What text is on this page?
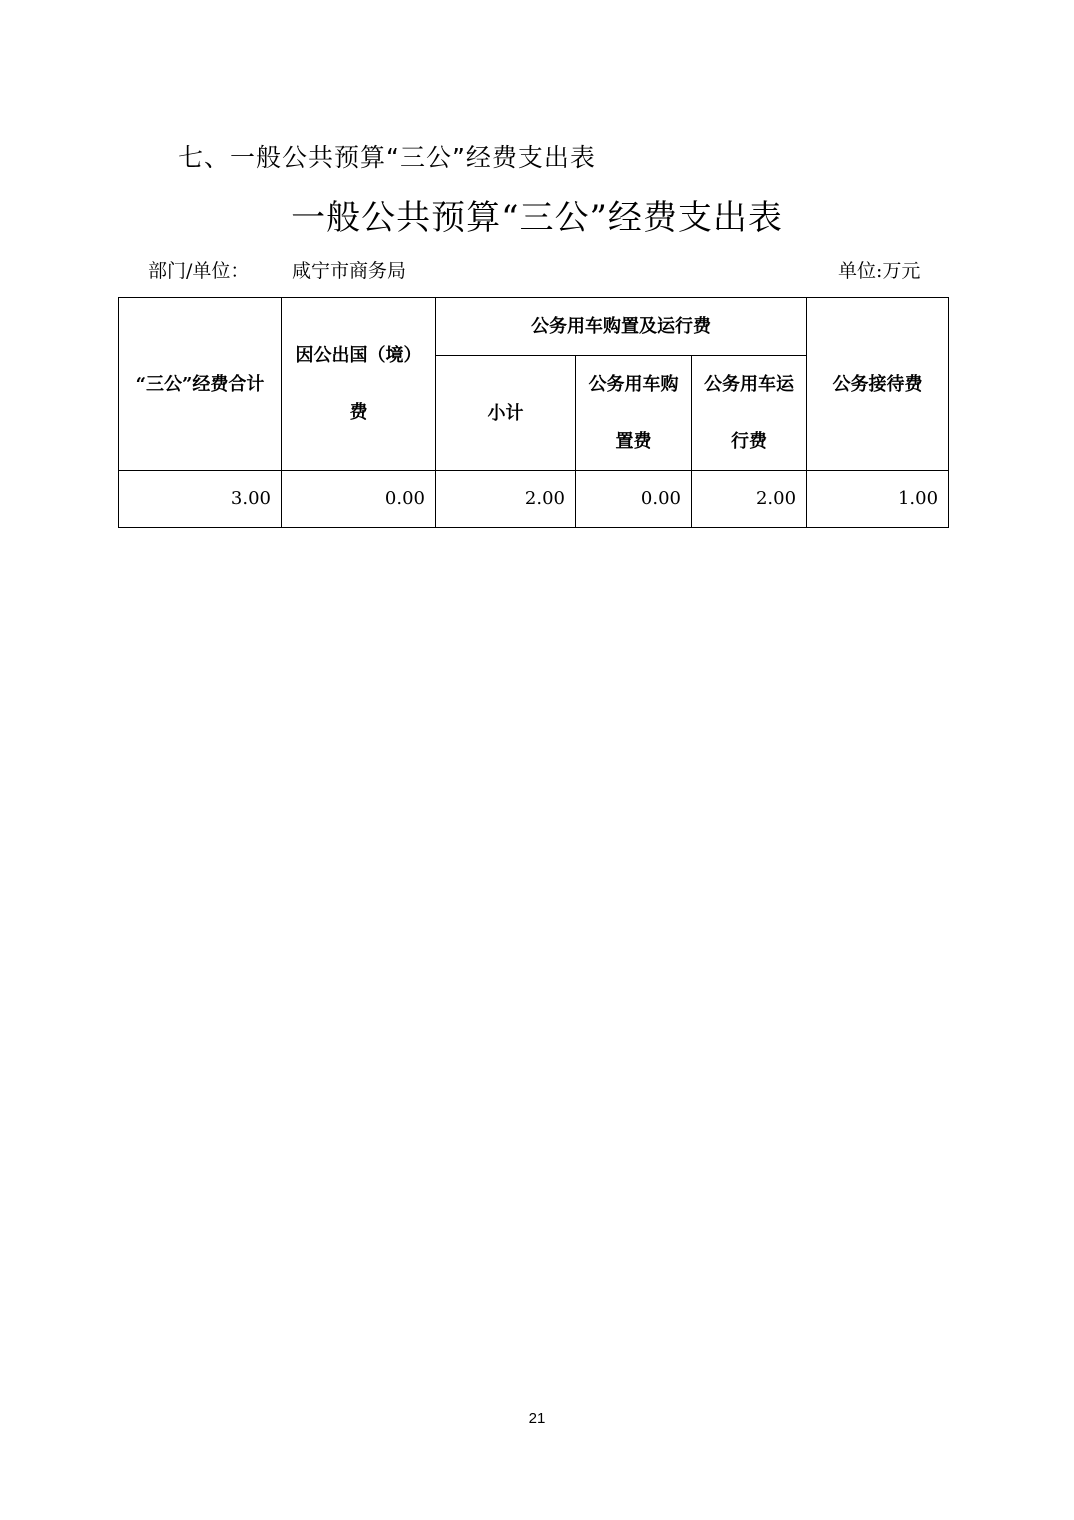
七、一般公共预算“三公”经费支出表
一般公共预算“三公”经费支出表
部门/单位： 咸宁市商务局	单位:万元
“三公”经费合计	因公出国（境）费	公务用车购置及运行费			公务接待费
		小计	公务用车购置费	公务用车运行费	
3.00	0.00	2.00	0.00	2.00	1.00
21
